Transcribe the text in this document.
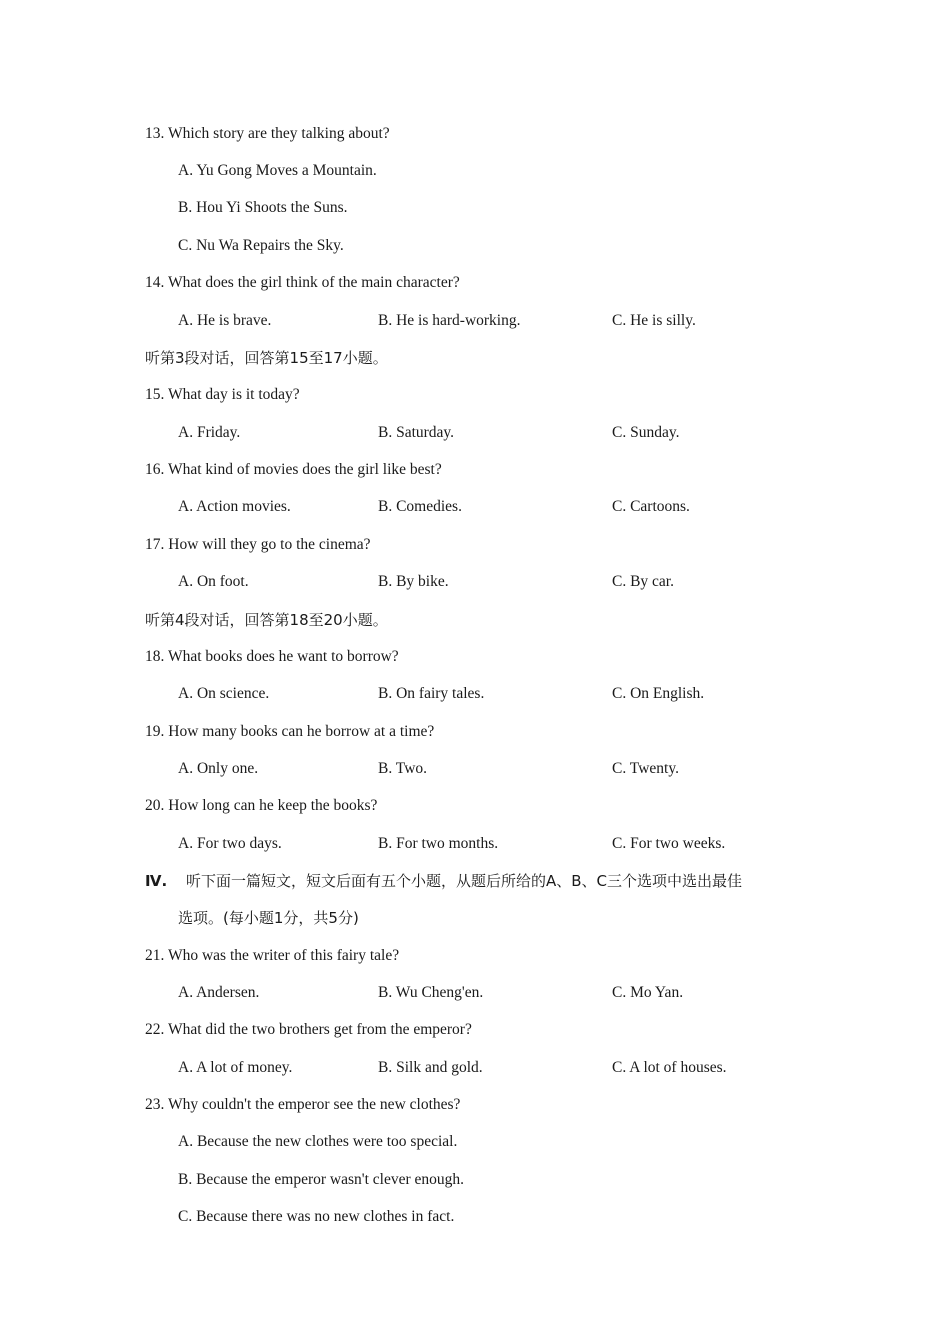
13. Which story are they talking about?
A. Yu Gong Moves a Mountain.
B. Hou Yi Shoots the Suns.
C. Nu Wa Repairs the Sky.
14. What does the girl think of the main character?
A. He is brave.	B. He is hard-working.	C. He is silly.
听第3段对话，回答第15至17小题。
15. What day is it today?
A. Friday.	B. Saturday.	C. Sunday.
16. What kind of movies does the girl like best?
A. Action movies.	B. Comedies.	C. Cartoons.
17. How will they go to the cinema?
A. On foot.	B. By bike.	C. By car.
听第4段对话，回答第18至20小题。
18. What books does he want to borrow?
A. On science.	B. On fairy tales.	C. On English.
19. How many books can he borrow at a time?
A. Only one.	B. Two.	C. Twenty.
20. How long can he keep the books?
A. For two days.	B. For two months.	C. For two weeks.
Ⅳ. 听下面一篇短文，短文后面有五个小题，从题后所给的A、B、C三个选项中选出最佳
选项。(每小题1分，共5分)
21. Who was the writer of this fairy tale?
A. Andersen.	B. Wu Cheng'en.	C. Mo Yan.
22. What did the two brothers get from the emperor?
A. A lot of money.	B. Silk and gold.	C. A lot of houses.
23. Why couldn't the emperor see the new clothes?
A. Because the new clothes were too special.
B. Because the emperor wasn't clever enough.
C. Because there was no new clothes in fact.
